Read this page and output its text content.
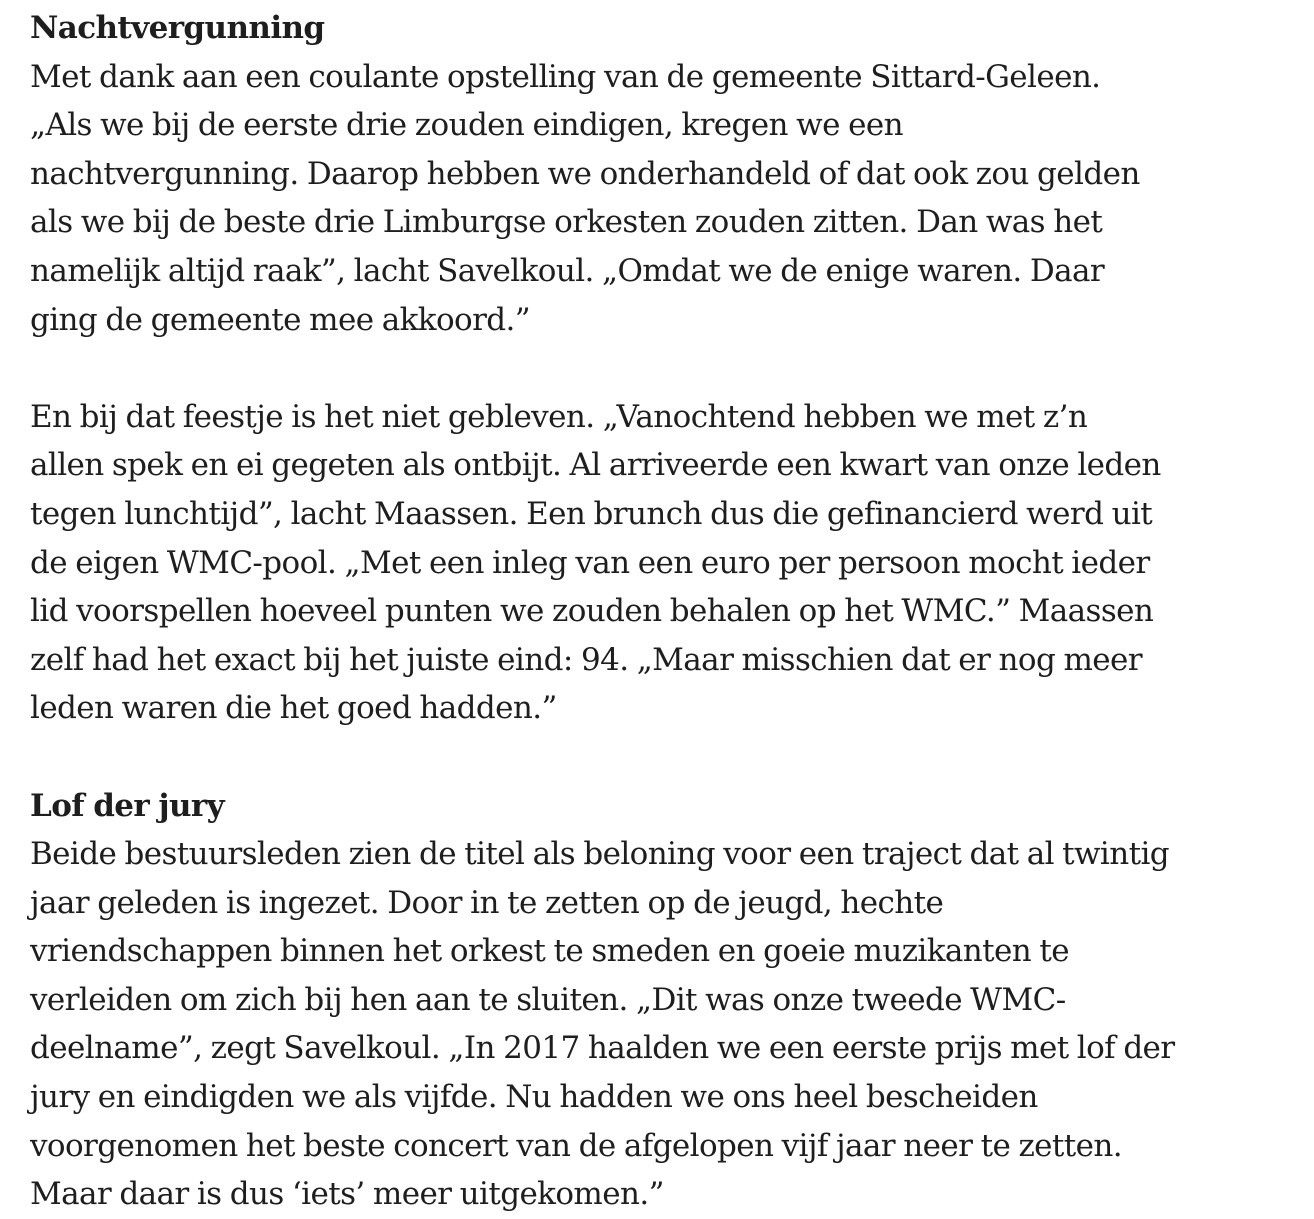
Nachtvergunning

Met dank aan een coulante opstelling van de gemeente Sittard-Geleen.
„Als we bij de eerste drie zouden eindigen, kregen we een
nachtvergunning. Daarop hebben we onderhandeld of dat ook zou gelden
als we bij de beste drie Limburgse orkesten zouden zitten. Dan was het
namelijk altijd raak”, lacht Savelkoul. „Omdat we de enige waren. Daar
ging de gemeente mee akkoord.”

En bij dat feestje is het niet gebleven. „Vanochtend hebben we met z’n
allen spek en ei gegeten als ontbijt. Al arriveerde een kwart van onze leden
tegen lunchtijd”, lacht Maassen. Een brunch dus die gefinancierd werd uit
de eigen WMC-pool. „Met een inleg van een euro per persoon mocht ieder
lid voorspellen hoeveel punten we zouden behalen op het WMC.” Maassen
zelf had het exact bij het juiste eind: 94. „Maar misschien dat er nog meer
leden waren die het goed hadden.”

Lof der jury

Beide bestuursleden zien de titel als beloning voor een traject dat al twintig
jaar geleden is ingezet. Door in te zetten op de jeugd, hechte
vriendschappen binnen het orkest te smeden en goeie muzikanten te
verleiden om zich bij hen aan te sluiten. „Dit was onze tweede WMC-
deelname”, zegt Savelkoul. „In 2017 haalden we een eerste prijs met lof der
jury en eindigden we als vijfde. Nu hadden we ons heel bescheiden
voorgenomen het beste concert van de afgelopen vijf jaar neer te zetten.
Maar daar is dus ‘iets’ meer uitgekomen.”
